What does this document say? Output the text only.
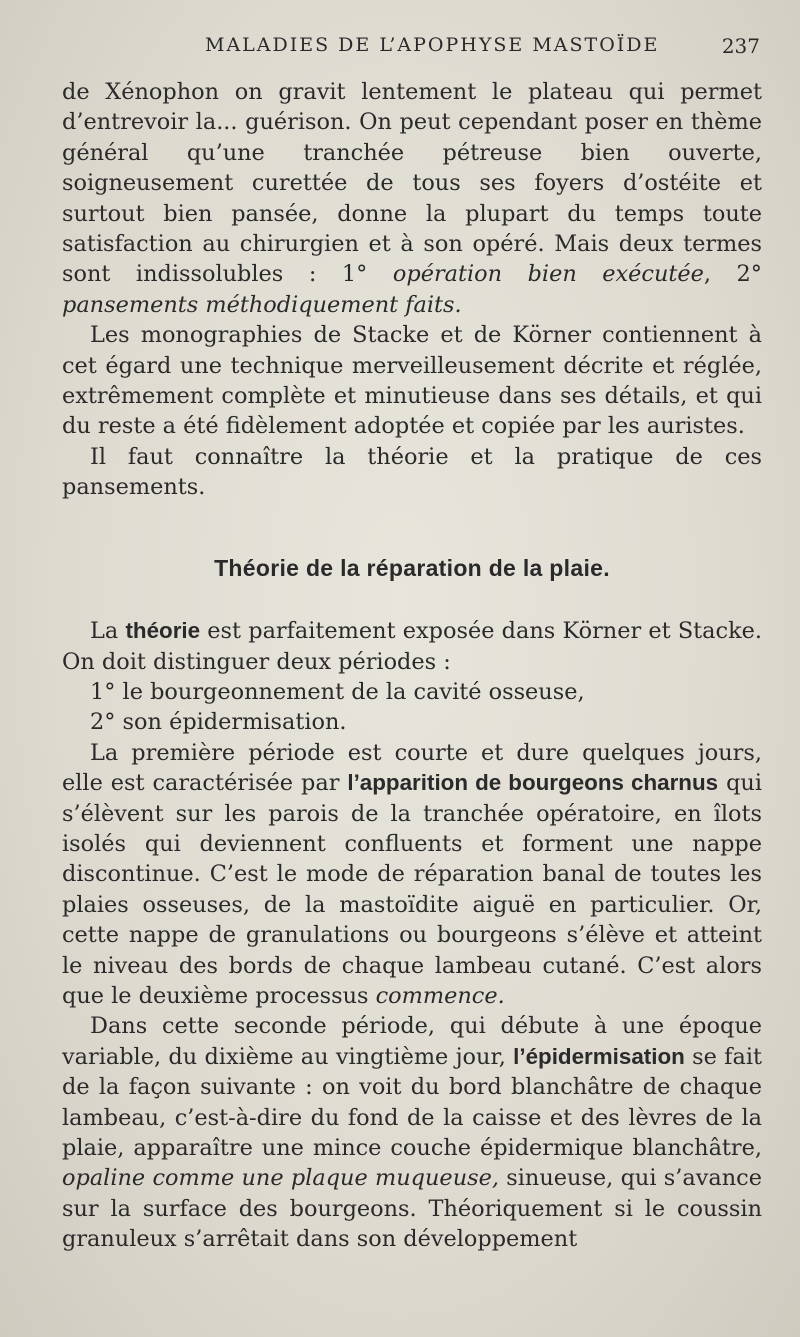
MALADIES DE L’APOPHYSE MASTOÏDE	237

de Xénophon on gravit lentement le plateau qui permet d’entrevoir la... guérison. On peut cependant poser en thème général qu’une tranchée pétreuse bien ouverte, soigneusement curettée de tous ses foyers d’ostéite et surtout bien pansée, donne la plupart du temps toute satisfaction au chirurgien et à son opéré. Mais deux termes sont indissolubles : 1° opération bien exécutée, 2° pansements méthodiquement faits.

Les monographies de Stacke et de Körner contiennent à cet égard une technique merveilleusement décrite et réglée, extrêmement complète et minutieuse dans ses détails, et qui du reste a été fidèlement adoptée et copiée par les auristes.

Il faut connaître la théorie et la pratique de ces pansements.

Théorie de la réparation de la plaie.

La théorie est parfaitement exposée dans Körner et Stacke. On doit distinguer deux périodes :

1° le bourgeonnement de la cavité osseuse,

2° son épidermisation.

La première période est courte et dure quelques jours, elle est caractérisée par l’apparition de bourgeons charnus qui s’élèvent sur les parois de la tranchée opératoire, en îlots isolés qui deviennent confluents et forment une nappe discontinue. C’est le mode de réparation banal de toutes les plaies osseuses, de la mastoïdite aiguë en particulier. Or, cette nappe de granulations ou bourgeons s’élève et atteint le niveau des bords de chaque lambeau cutané. C’est alors que le deuxième processus commence.

Dans cette seconde période, qui débute à une époque variable, du dixième au vingtième jour, l’épidermisation se fait de la façon suivante : on voit du bord blanchâtre de chaque lambeau, c’est-à-dire du fond de la caisse et des lèvres de la plaie, apparaître une mince couche épidermique blanchâtre, opaline comme une plaque muqueuse, sinueuse, qui s’avance sur la surface des bourgeons. Théoriquement si le coussin granuleux s’arrêtait dans son développement
